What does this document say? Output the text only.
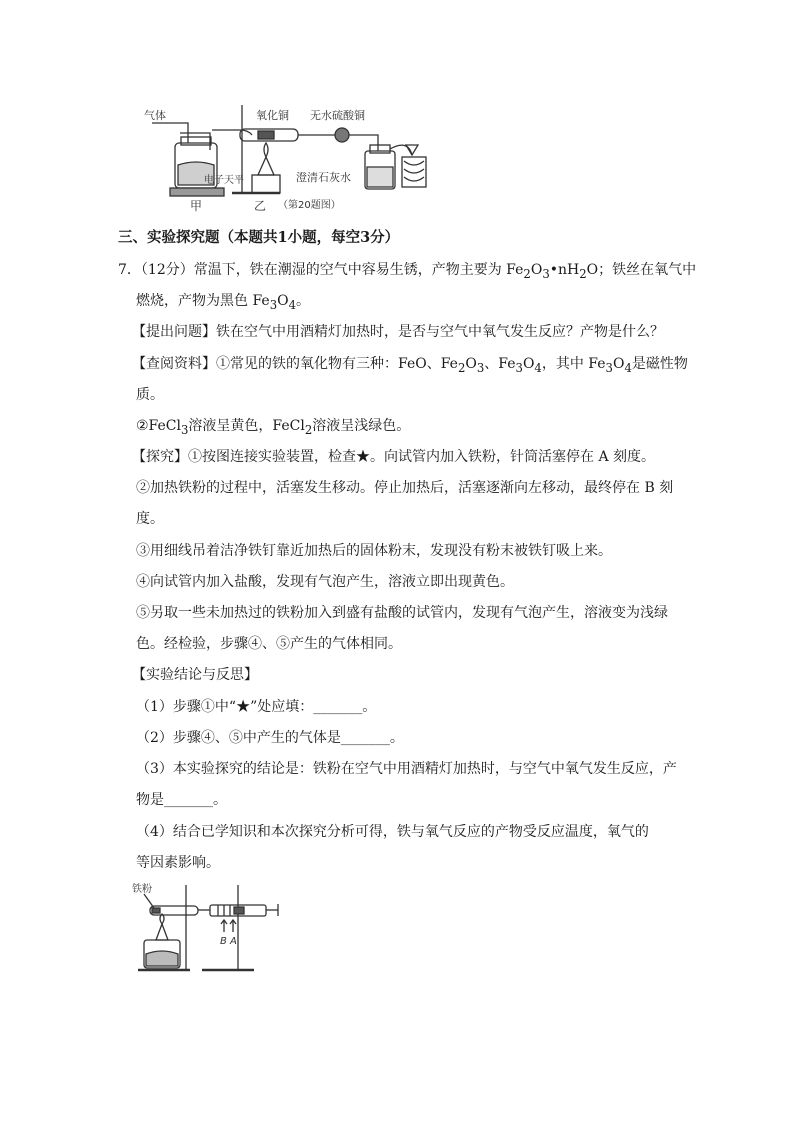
气体	氧化铜 无水硫酸铜
电子天平
甲	乙
澄清石灰水
（第20题图）
三、实验探究题（本题共1小题，每空3分）
7．（12分）常温下，铁在潮湿的空气中容易生锈，产物主要为 $Fe_2O_3•nH_2O$；铁丝在氧气中
燃烧，产物为黑色 $Fe_3O_4$。
【提出问题】铁在空气中用酒精灯加热时，是否与空气中氧气发生反应？产物是什么？
【查阅资料】①常见的铁的氧化物有三种：FeO、$Fe_2O_3$、$Fe_3O_4$，其中 $Fe_3O_4$是磁性物
质。
②FeCl$_3$溶液呈黄色，FeCl$_2$溶液呈浅绿色。
【探究】①按图连接实验装置，检查★。向试管内加入铁粉，针筒活塞停在 A 刻度。
②加热铁粉的过程中，活塞发生移动。停止加热后，活塞逐渐向左移动，最终停在 B 刻
度。
③用细线吊着洁净铁钉靠近加热后的固体粉末，发现没有粉末被铁钉吸上来。
④向试管内加入盐酸，发现有气泡产生，溶液立即出现黄色。
⑤另取一些未加热过的铁粉加入到盛有盐酸的试管内，发现有气泡产生，溶液变为浅绿
色。经检验，步骤④、⑤产生的气体相同。
【实验结论与反思】
（1）步骤①中“★”处应填：_______。
（2）步骤④、⑤中产生的气体是_______。
（3）本实验探究的结论是：铁粉在空气中用酒精灯加热时，与空气中氧气发生反应，产
物是_______。
（4）结合已学知识和本次探究分析可得，铁与氧气反应的产物受反应温度，氧气的
等因素影响。
铁粉
B A
